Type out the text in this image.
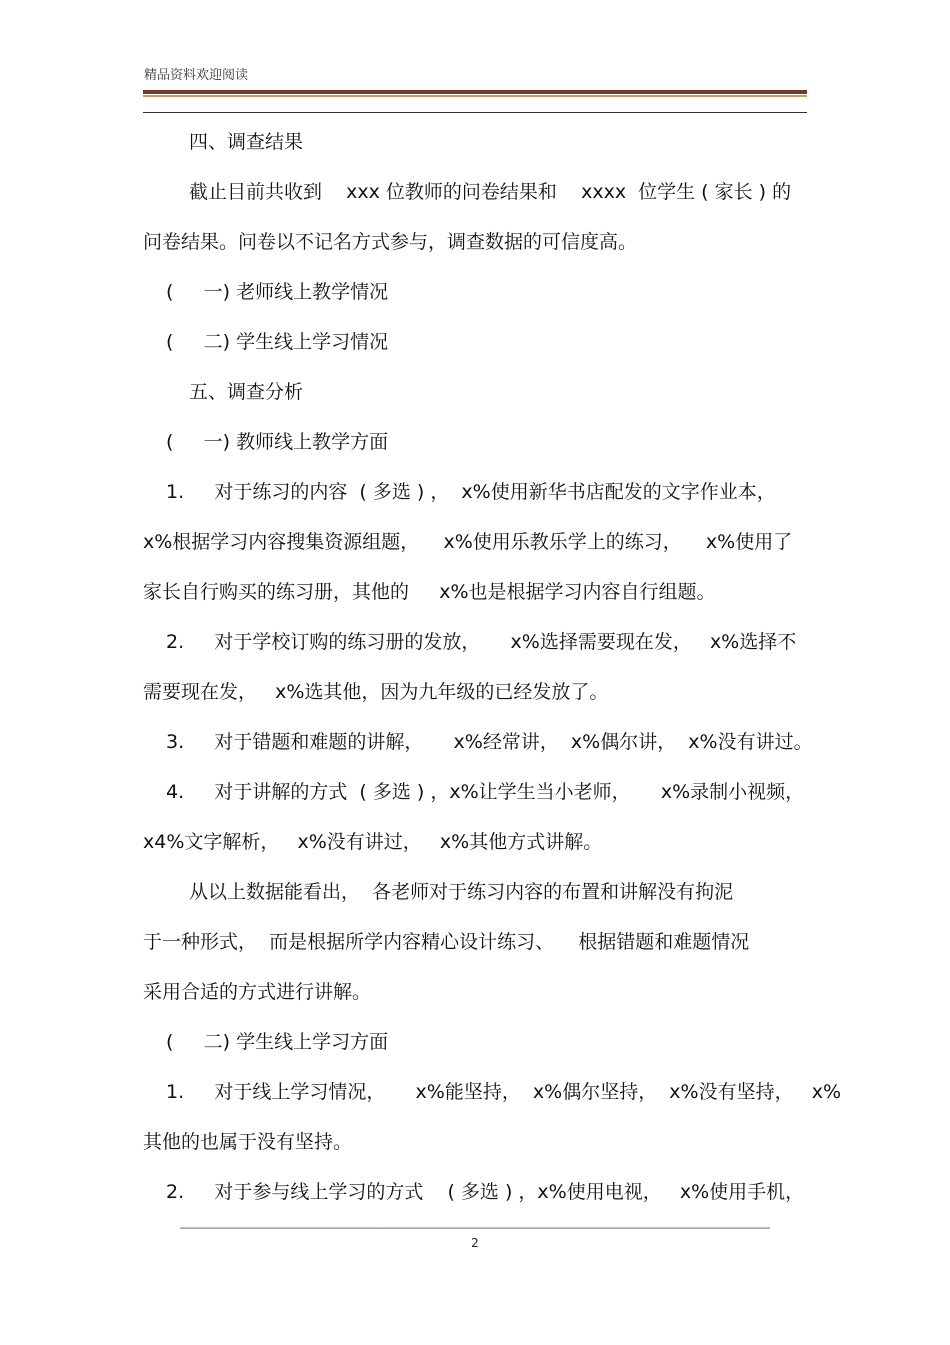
精品资料欢迎阅读
四、调查结果
截止目前共收到    xxx 位教师的问卷结果和    xxxx  位学生 ( 家长 ) 的
问卷结果。问卷以不记名方式参与，调查数据的可信度高。
(     一) 老师线上教学情况
(     二) 学生线上学习情况
五、调查分析
(     一) 教师线上教学方面
1.     对于练习的内容  ( 多选 ) ，  x%使用新华书店配发的文字作业本，
x%根据学习内容搜集资源组题，    x%使用乐教乐学上的练习，    x%使用了
家长自行购买的练习册，其他的     x%也是根据学习内容自行组题。
2.     对于学校订购的练习册的发放，     x%选择需要现在发，   x%选择不
需要现在发，   x%选其他，因为九年级的已经发放了。
3.     对于错题和难题的讲解，     x%经常讲，  x%偶尔讲，  x%没有讲过。
4.     对于讲解的方式  ( 多选 ) ，x%让学生当小老师，     x%录制小视频，
x4%文字解析，   x%没有讲过，   x%其他方式讲解。
从以上数据能看出，  各老师对于练习内容的布置和讲解没有拘泥
于一种形式，  而是根据所学内容精心设计练习、    根据错题和难题情况
采用合适的方式进行讲解。
(     二) 学生线上学习方面
1.     对于线上学习情况，     x%能坚持，  x%偶尔坚持，  x%没有坚持，   x%
其他的也属于没有坚持。
2.     对于参与线上学习的方式    ( 多选 ) ，x%使用电视，   x%使用手机，
2
